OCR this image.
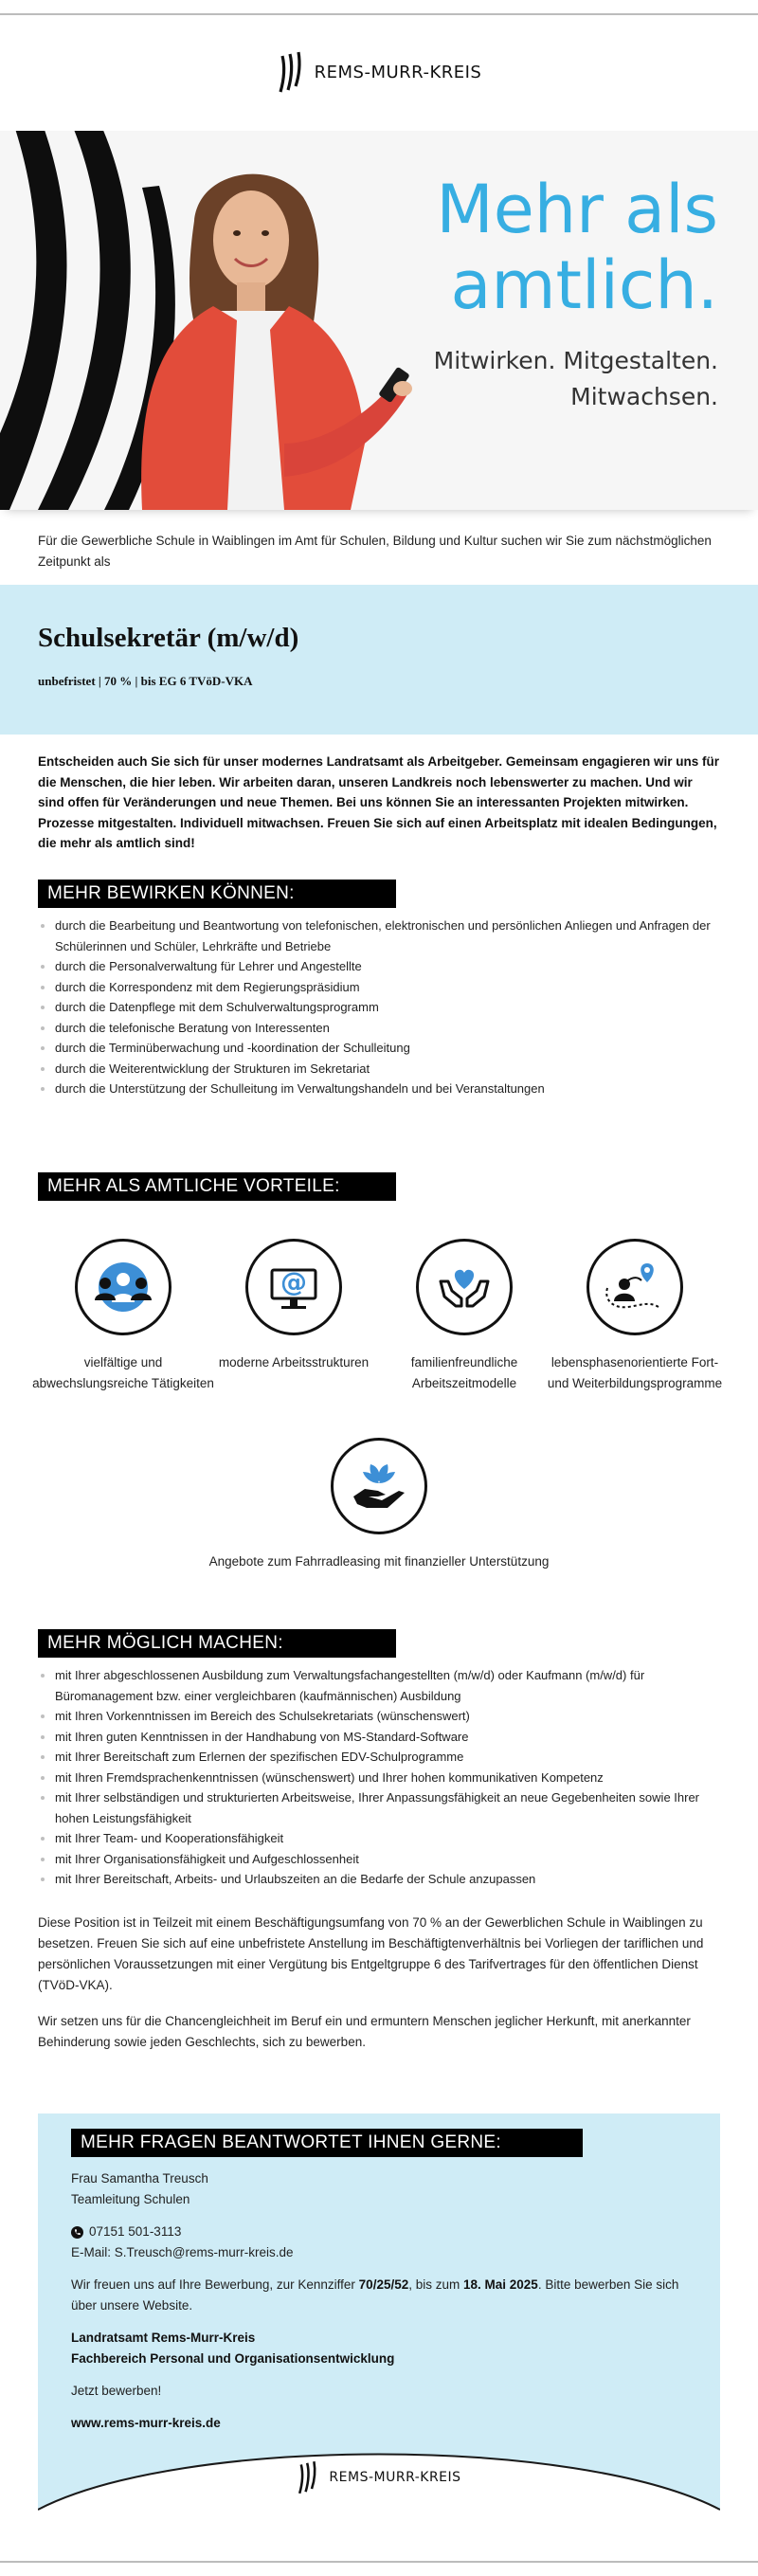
REMS-MURR-KREIS
Mehr als
amtlich.
Mitwirken. Mitgestalten.
Mitwachsen.

Für die Gewerbliche Schule in Waiblingen im Amt für Schulen, Bildung und Kultur suchen wir Sie zum nächstmöglichen Zeitpunkt als

Schulsekretär (m/w/d)
unbefristet | 70 % | bis EG 6 TVöD-VKA

Entscheiden auch Sie sich für unser modernes Landratsamt als Arbeitgeber. Gemeinsam engagieren wir uns für die Menschen, die hier leben. Wir arbeiten daran, unseren Landkreis noch lebenswerter zu machen. Und wir sind offen für Veränderungen und neue Themen. Bei uns können Sie an interessanten Projekten mitwirken. Prozesse mitgestalten. Individuell mitwachsen. Freuen Sie sich auf einen Arbeitsplatz mit idealen Bedingungen, die mehr als amtlich sind!

MEHR BEWIRKEN KÖNNEN:
durch die Bearbeitung und Beantwortung von telefonischen, elektronischen und persönlichen Anliegen und Anfragen der Schülerinnen und Schüler, Lehrkräfte und Betriebe
durch die Personalverwaltung für Lehrer und Angestellte
durch die Korrespondenz mit dem Regierungspräsidium
durch die Datenpflege mit dem Schulverwaltungsprogramm
durch die telefonische Beratung von Interessenten
durch die Terminüberwachung und -koordination der Schulleitung
durch die Weiterentwicklung der Strukturen im Sekretariat
durch die Unterstützung der Schulleitung im Verwaltungshandeln und bei Veranstaltungen
MEHR ALS AMTLICHE VORTEILE:
vielfältige und abwechslungsreiche Tätigkeiten
@
moderne Arbeitsstrukturen	familienfreundliche Arbeitszeitmodelle
lebensphasenorientierte Fort- und Weiterbildungsprogramme
Angebote zum Fahrradleasing mit finanzieller Unterstützung
MEHR MÖGLICH MACHEN:
mit Ihrer abgeschlossenen Ausbildung zum Verwaltungsfachangestellten (m/w/d) oder Kaufmann (m/w/d) für Büromanagement bzw. einer vergleichbaren (kaufmännischen) Ausbildung
mit Ihren Vorkenntnissen im Bereich des Schulsekretariats (wünschenswert)
mit Ihren guten Kenntnissen in der Handhabung von MS-Standard-Software
mit Ihrer Bereitschaft zum Erlernen der spezifischen EDV-Schulprogramme
mit Ihren Fremdsprachenkenntnissen (wünschenswert) und Ihrer hohen kommunikativen Kompetenz
mit Ihrer selbständigen und strukturierten Arbeitsweise, Ihrer Anpassungsfähigkeit an neue Gegebenheiten sowie Ihrer hohen Leistungsfähigkeit
mit Ihrer Team- und Kooperationsfähigkeit
mit Ihrer Organisationsfähigkeit und Aufgeschlossenheit
mit Ihrer Bereitschaft, Arbeits- und Urlaubszeiten an die Bedarfe der Schule anzupassen

Diese Position ist in Teilzeit mit einem Beschäftigungsumfang von 70 % an der Gewerblichen Schule in Waiblingen zu besetzen. Freuen Sie sich auf eine unbefristete Anstellung im Beschäftigtenverhältnis bei Vorliegen der tariflichen und persönlichen Voraussetzungen mit einer Vergütung bis Entgeltgruppe 6 des Tarifvertrages für den öffentlichen Dienst (TVöD-VKA).

Wir setzen uns für die Chancengleichheit im Beruf ein und ermuntern Menschen jeglicher Herkunft, mit anerkannter Behinderung sowie jeden Geschlechts, sich zu bewerben.

MEHR FRAGEN BEANTWORTET IHNEN GERNE:
Frau Samantha Treusch
Teamleitung Schulen
07151 501-3113
E-Mail: S.Treusch@rems-murr-kreis.de
Wir freuen uns auf Ihre Bewerbung, zur Kennziffer 70/25/52, bis zum 18. Mai 2025. Bitte bewerben Sie sich über unsere Website.
Landratsamt Rems-Murr-Kreis
Fachbereich Personal und Organisationsentwicklung
Jetzt bewerben!
www.rems-murr-kreis.de
REMS-MURR-KREIS
